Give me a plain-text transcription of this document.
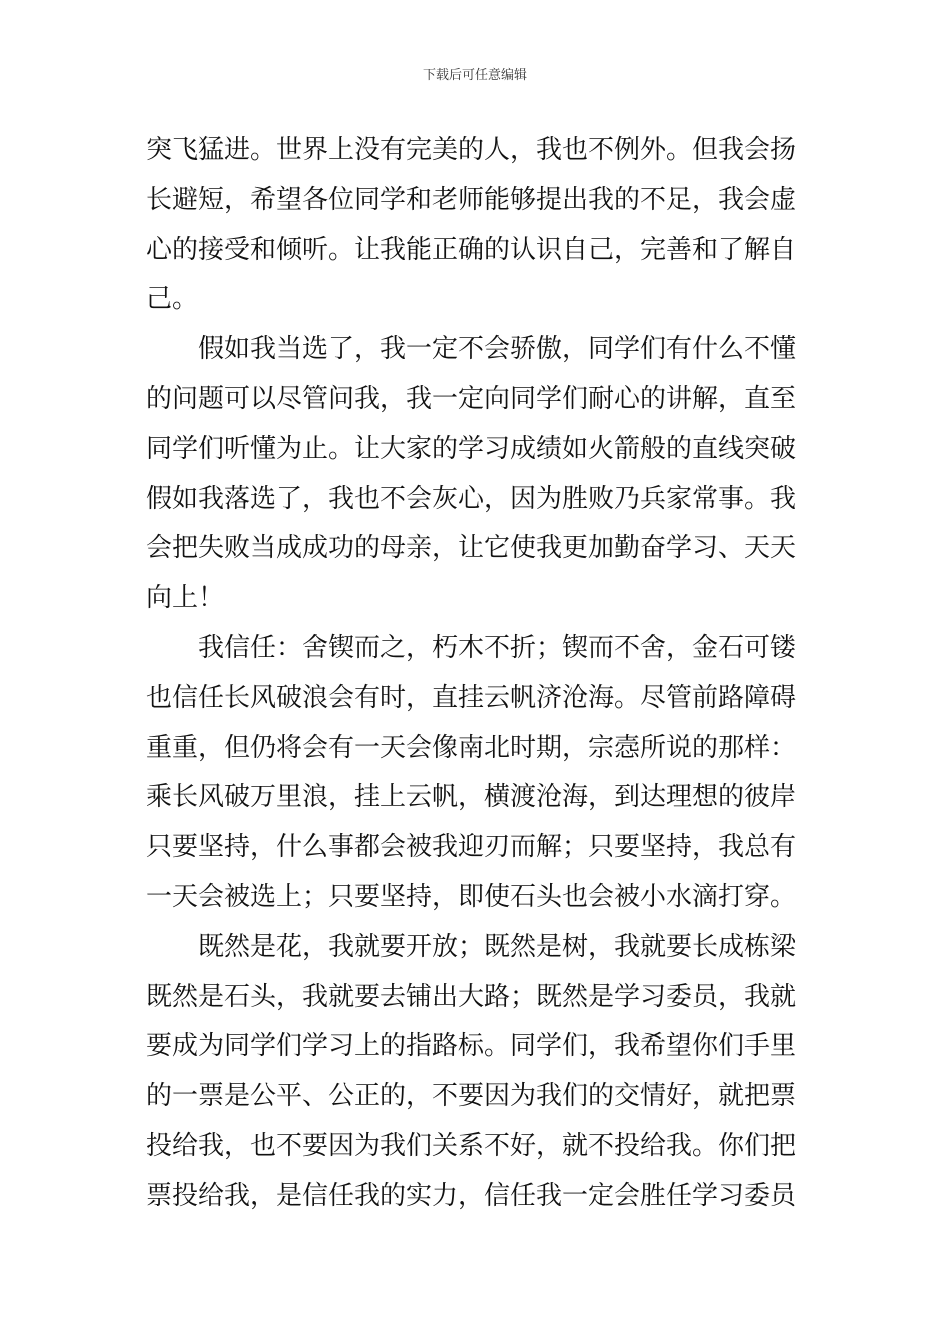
下载后可任意编辑
突飞猛进。世界上没有完美的人，我也不例外。但我会扬
长避短，希望各位同学和老师能够提出我的不足，我会虚
心的接受和倾听。让我能正确的认识自己，完善和了解自
己。
假如我当选了，我一定不会骄傲，同学们有什么不懂
的问题可以尽管问我，我一定向同学们耐心的讲解，直至
同学们听懂为止。让大家的学习成绩如火箭般的直线突破
假如我落选了，我也不会灰心，因为胜败乃兵家常事。我
会把失败当成成功的母亲，让它使我更加勤奋学习、天天
向上！
我信任：舍锲而之，朽木不折；锲而不舍，金石可镂
也信任长风破浪会有时，直挂云帆济沧海。尽管前路障碍
重重，但仍将会有一天会像南北时期，宗悫所说的那样：
乘长风破万里浪，挂上云帆，横渡沧海，到达理想的彼岸
只要坚持，什么事都会被我迎刃而解；只要坚持，我总有
一天会被选上；只要坚持，即使石头也会被小水滴打穿。
既然是花，我就要开放；既然是树，我就要长成栋梁
既然是石头，我就要去铺出大路；既然是学习委员，我就
要成为同学们学习上的指路标。同学们，我希望你们手里
的一票是公平、公正的，不要因为我们的交情好，就把票
投给我，也不要因为我们关系不好，就不投给我。你们把
票投给我，是信任我的实力，信任我一定会胜任学习委员
